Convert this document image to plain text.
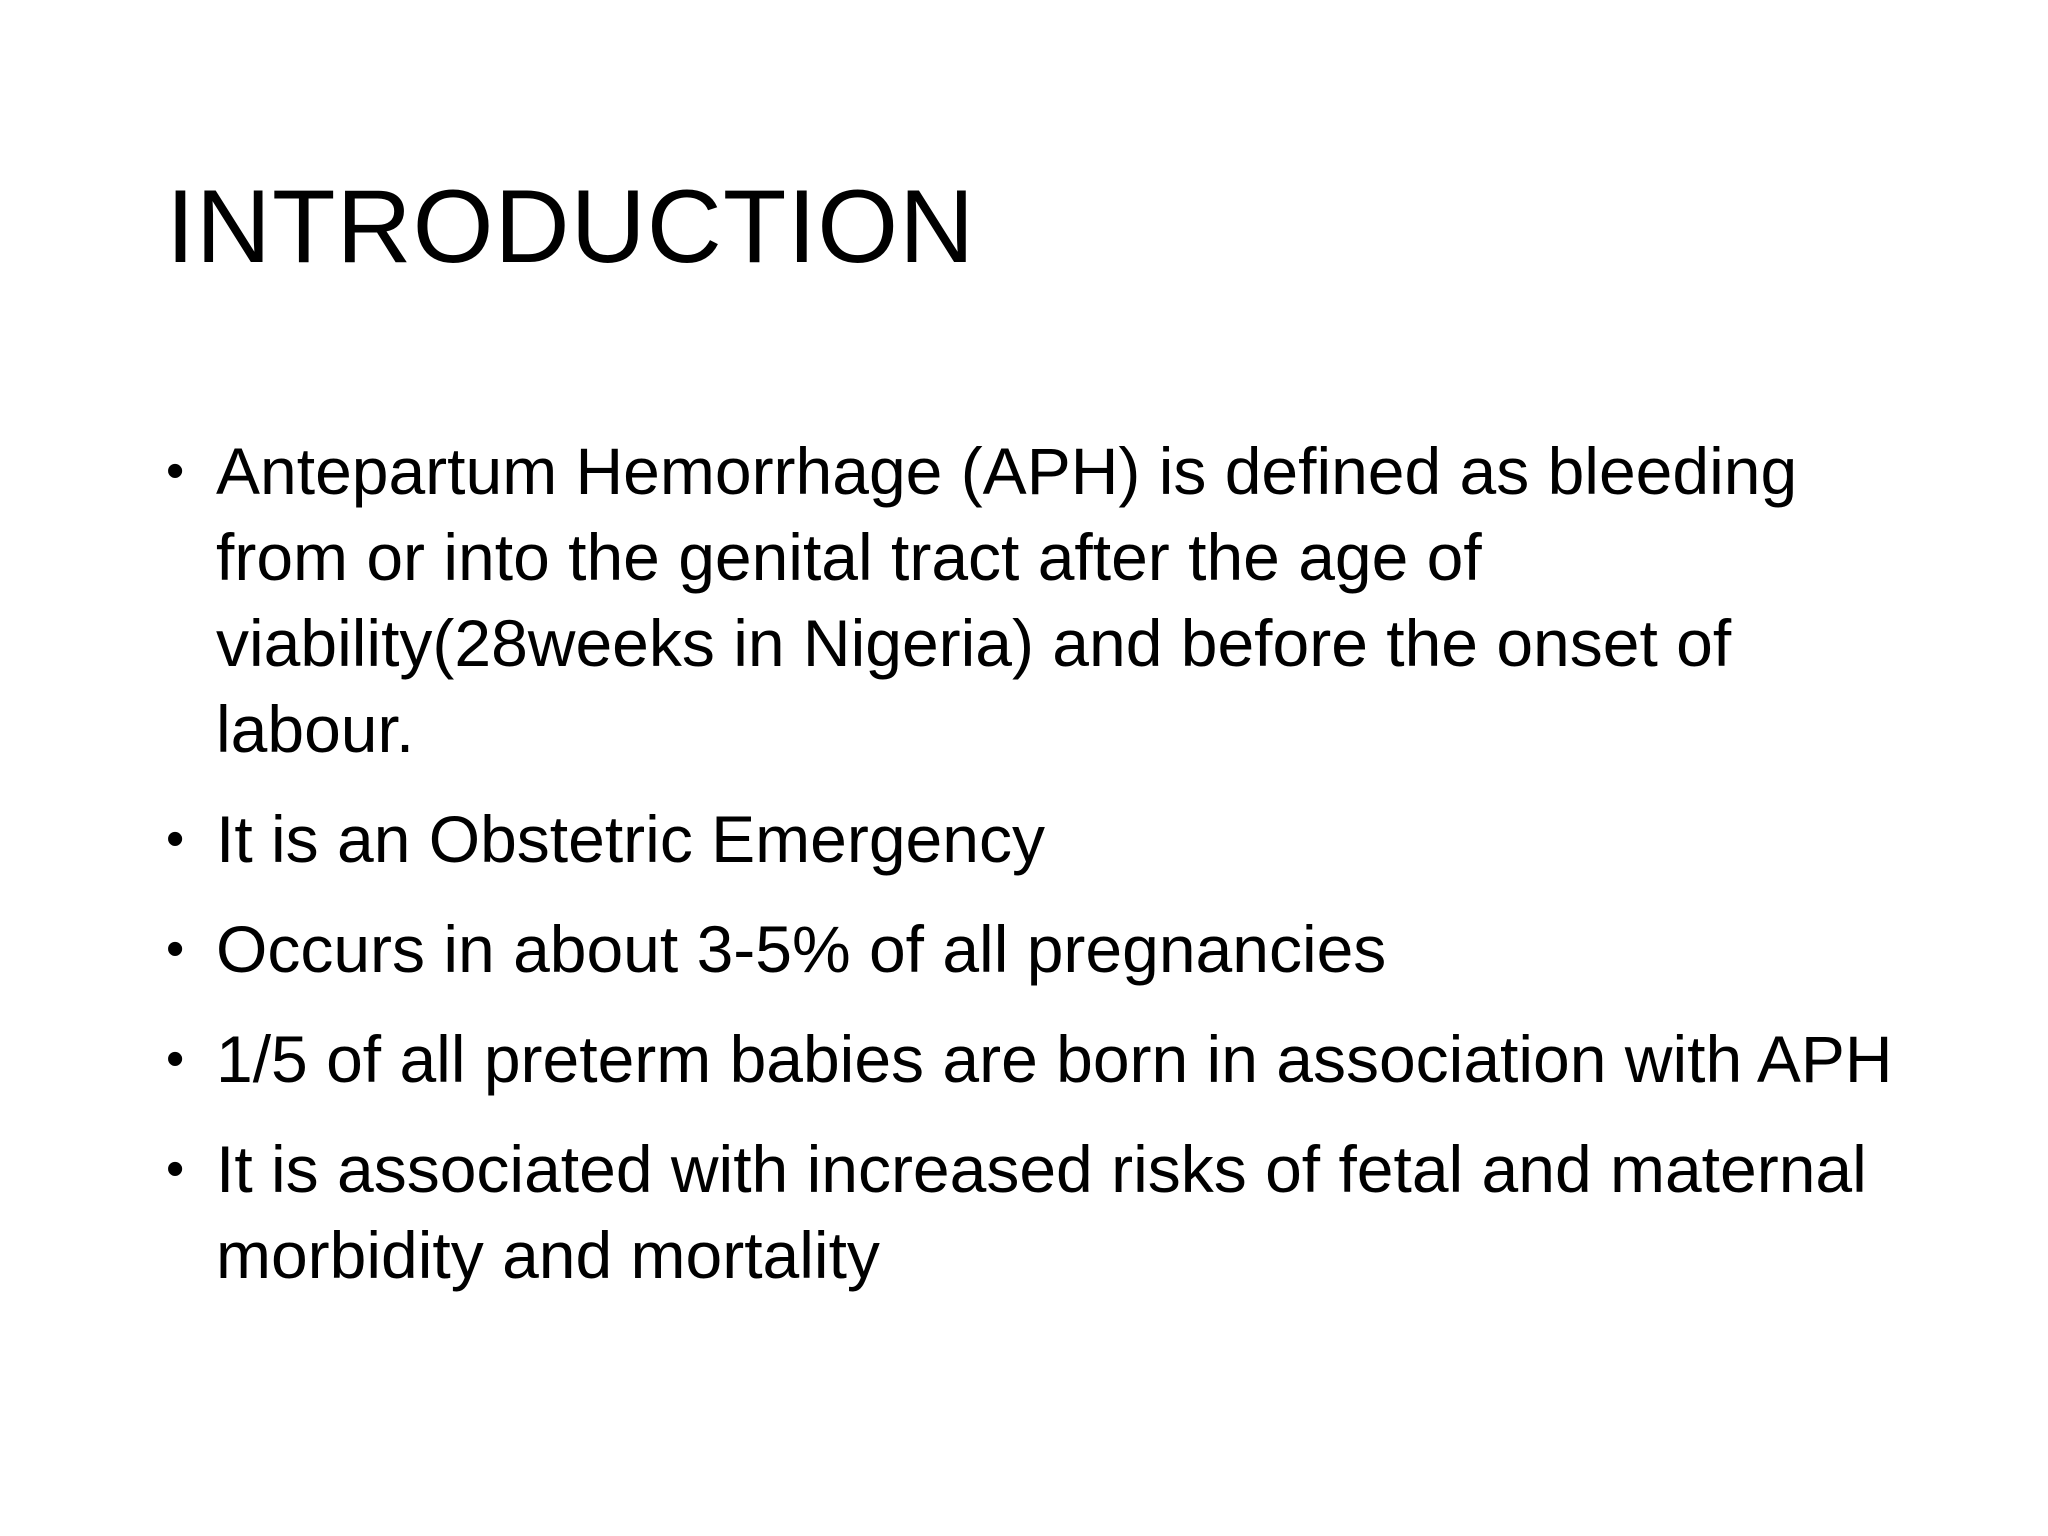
INTRODUCTION
• Antepartum Hemorrhage (APH) is defined as bleeding from or into the genital tract after the age of viability(28weeks in Nigeria) and before the onset of labour.
• It is an Obstetric Emergency
• Occurs in about 3-5% of all pregnancies
• 1/5 of all preterm babies are born in association with APH
• It is associated with increased risks of fetal and maternal morbidity and mortality
